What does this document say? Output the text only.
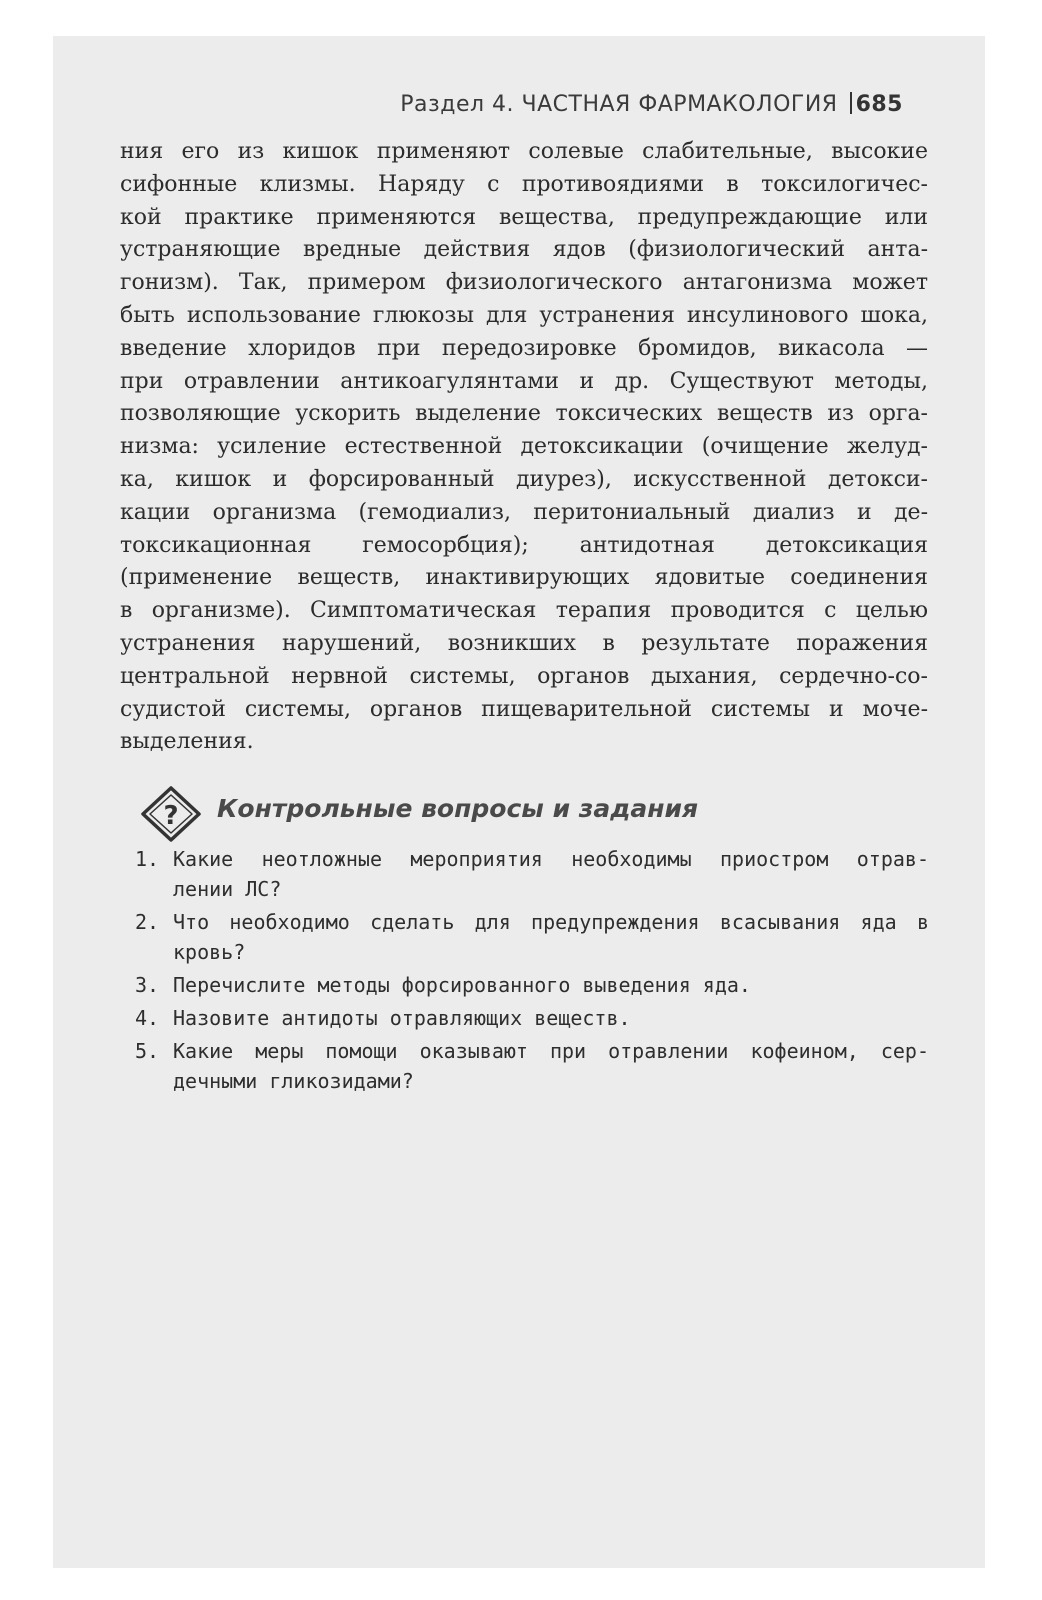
Раздел 4. ЧАСТНАЯ ФАРМАКОЛОГИЯ 685

ния его из кишок применяют солевые слабительные, высокие
сифонные клизмы. Наряду с противоядиями в токсилогичес-
кой практике применяются вещества, предупреждающие или
устраняющие вредные действия ядов (физиологический анта-
гонизм). Так, примером физиологического антагонизма может
быть использование глюкозы для устранения инсулинового шока,
введение хлоридов при передозировке бромидов, викасола —
при отравлении антикоагулянтами и др. Существуют методы,
позволяющие ускорить выделение токсических веществ из орга-
низма: усиление естественной детоксикации (очищение желуд-
ка, кишок и форсированный диурез), искусственной детокси-
кации организма (гемодиализ, перитониальный диализ и де-
токсикационная гемосорбция); антидотная детоксикация
(применение веществ, инактивирующих ядовитые соединения
в организме). Симптоматическая терапия проводится с целью
устранения нарушений, возникших в результате поражения
центральной нервной системы, органов дыхания, сердечно-со-
судистой системы, органов пищеварительной системы и моче-
выделения.

? Контрольные вопросы и задания
1. Какие неотложные мероприятия необходимы приостром отрав-
лении ЛС?
2. Что необходимо сделать для предупреждения всасывания яда в
кровь?
3. Перечислите методы форсированного выведения яда.
4. Назовите антидоты отравляющих веществ.
5. Какие меры помощи оказывают при отравлении кофеином, сер-
дечными гликозидами?
